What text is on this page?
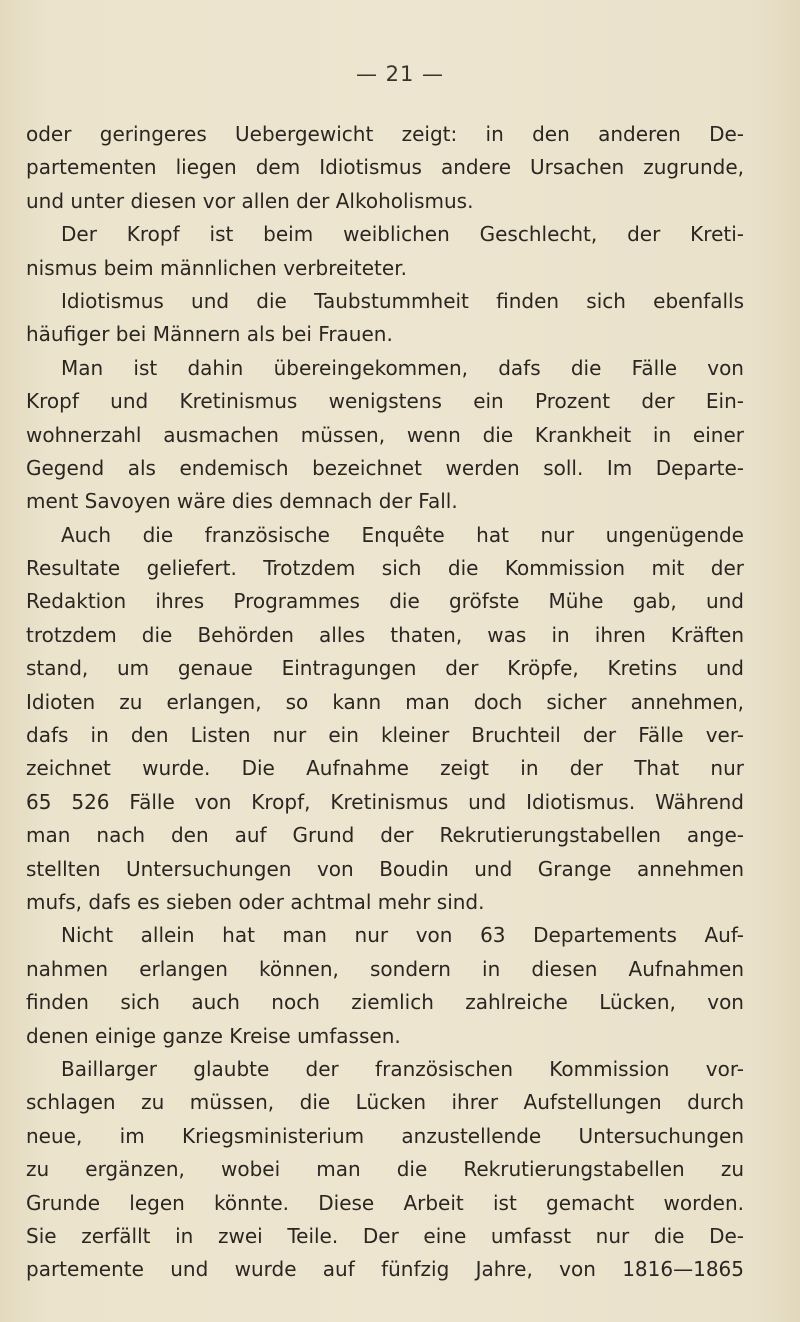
— 21 —
oder geringeres Uebergewicht zeigt: in den anderen De-
partementen liegen dem Idiotismus andere Ursachen zugrunde,
und unter diesen vor allen der Alkoholismus.
Der Kropf ist beim weiblichen Geschlecht, der Kreti-
nismus beim männlichen verbreiteter.
Idiotismus und die Taubstummheit finden sich ebenfalls
häufiger bei Männern als bei Frauen.
Man ist dahin übereingekommen, dafs die Fälle von
Kropf und Kretinismus wenigstens ein Prozent der Ein-
wohnerzahl ausmachen müssen, wenn die Krankheit in einer
Gegend als endemisch bezeichnet werden soll. Im Departe-
ment Savoyen wäre dies demnach der Fall.
Auch die französische Enquête hat nur ungenügende
Resultate geliefert. Trotzdem sich die Kommission mit der
Redaktion ihres Programmes die gröfste Mühe gab, und
trotzdem die Behörden alles thaten, was in ihren Kräften
stand, um genaue Eintragungen der Kröpfe, Kretins und
Idioten zu erlangen, so kann man doch sicher annehmen,
dafs in den Listen nur ein kleiner Bruchteil der Fälle ver-
zeichnet wurde. Die Aufnahme zeigt in der That nur
65 526 Fälle von Kropf, Kretinismus und Idiotismus. Während
man nach den auf Grund der Rekrutierungstabellen ange-
stellten Untersuchungen von Boudin und Grange annehmen
mufs, dafs es sieben oder achtmal mehr sind.
Nicht allein hat man nur von 63 Departements Auf-
nahmen erlangen können, sondern in diesen Aufnahmen
finden sich auch noch ziemlich zahlreiche Lücken, von
denen einige ganze Kreise umfassen.
Baillarger glaubte der französischen Kommission vor-
schlagen zu müssen, die Lücken ihrer Aufstellungen durch
neue, im Kriegsministerium anzustellende Untersuchungen
zu ergänzen, wobei man die Rekrutierungstabellen zu
Grunde legen könnte. Diese Arbeit ist gemacht worden.
Sie zerfällt in zwei Teile. Der eine umfasst nur die De-
partemente und wurde auf fünfzig Jahre, von 1816—1865
